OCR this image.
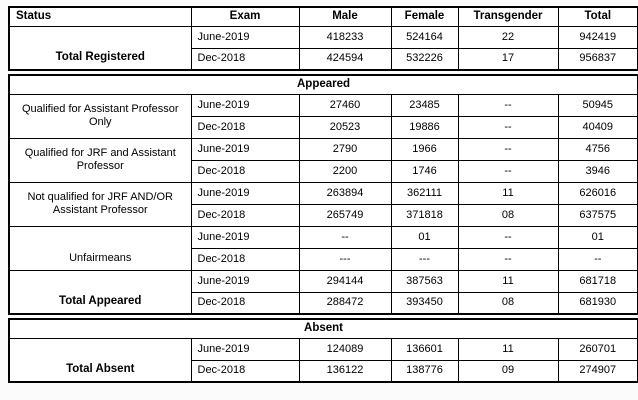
Status	Exam	Male	Female	Transgender	Total
Total Registered	June-2019	418233	524164	22	942419
	Dec-2018	424594	532226	17	956837
Appeared					
Qualified for Assistant Professor Only	June-2019	27460	23485	--	50945
	Dec-2018	20523	19886	--	40409
Qualified for JRF and Assistant Professor	June-2019	2790	1966	--	4756
	Dec-2018	2200	1746	--	3946
Not qualified for JRF AND/OR Assistant Professor	June-2019	263894	362111	11	626016
	Dec-2018	265749	371818	08	637575
Unfairmeans	June-2019	--	01	--	01
	Dec-2018	---	---	--	--
Total Appeared	June-2019	294144	387563	11	681718
	Dec-2018	288472	393450	08	681930
Absent					
Total Absent	June-2019	124089	136601	11	260701
	Dec-2018	136122	138776	09	274907
